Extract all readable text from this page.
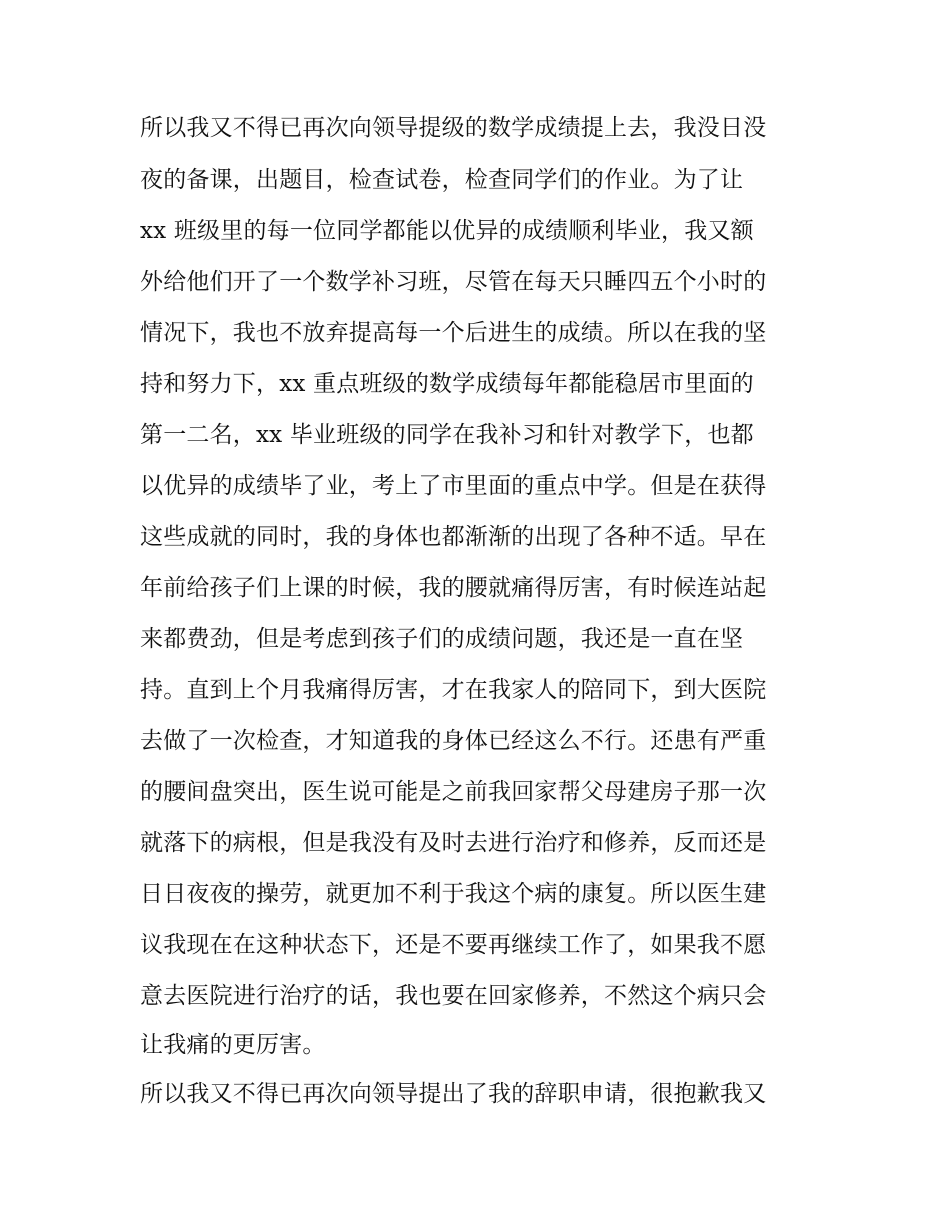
所以我又不得已再次向领导提级的数学成绩提上去，我没日没
夜的备课，出题目，检查试卷，检查同学们的作业。为了让
xx 班级里的每一位同学都能以优异的成绩顺利毕业，我又额
外给他们开了一个数学补习班，尽管在每天只睡四五个小时的
情况下，我也不放弃提高每一个后进生的成绩。所以在我的坚
持和努力下，xx 重点班级的数学成绩每年都能稳居市里面的
第一二名，xx 毕业班级的同学在我补习和针对教学下，也都
以优异的成绩毕了业，考上了市里面的重点中学。但是在获得
这些成就的同时，我的身体也都渐渐的出现了各种不适。早在
年前给孩子们上课的时候，我的腰就痛得厉害，有时候连站起
来都费劲，但是考虑到孩子们的成绩问题，我还是一直在坚
持。直到上个月我痛得厉害，才在我家人的陪同下，到大医院
去做了一次检查，才知道我的身体已经这么不行。还患有严重
的腰间盘突出，医生说可能是之前我回家帮父母建房子那一次
就落下的病根，但是我没有及时去进行治疗和修养，反而还是
日日夜夜的操劳，就更加不利于我这个病的康复。所以医生建
议我现在在这种状态下，还是不要再继续工作了，如果我不愿
意去医院进行治疗的话，我也要在回家修养，不然这个病只会
让我痛的更厉害。
所以我又不得已再次向领导提出了我的辞职申请，很抱歉我又
